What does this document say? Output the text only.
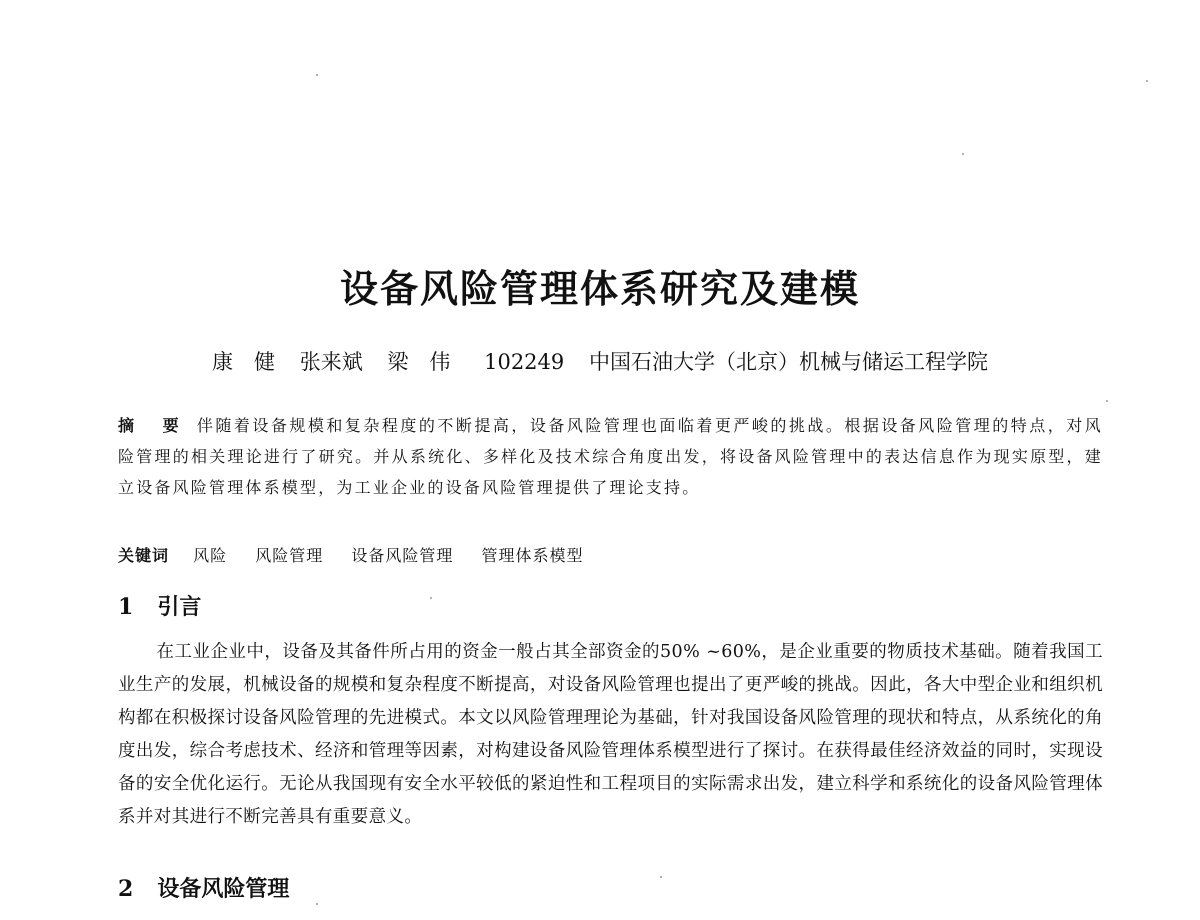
设备风险管理体系研究及建模
康　健 张来斌 梁　伟 102249 中国石油大学（北京）机械与储运工程学院
摘　要 伴随着设备规模和复杂程度的不断提高，设备风险管理也面临着更严峻的挑战。根据设备风险管理的特点，对风险管理的相关理论进行了研究。并从系统化、多样化及技术综合角度出发，将设备风险管理中的表达信息作为现实原型，建立设备风险管理体系模型，为工业企业的设备风险管理提供了理论支持。
关键词 风险 风险管理 设备风险管理 管理体系模型
1 引言

在工业企业中，设备及其备件所占用的资金一般占其全部资金的50% ~60%，是企业重要的物质技术基础。随着我国工业生产的发展，机械设备的规模和复杂程度不断提高，对设备风险管理也提出了更严峻的挑战。因此，各大中型企业和组织机构都在积极探讨设备风险管理的先进模式。本文以风险管理理论为基础，针对我国设备风险管理的现状和特点，从系统化的角度出发，综合考虑技术、经济和管理等因素，对构建设备风险管理体系模型进行了探讨。在获得最佳经济效益的同时，实现设备的安全优化运行。无论从我国现有安全水平较低的紧迫性和工程项目的实际需求出发，建立科学和系统化的设备风险管理体系并对其进行不断完善具有重要意义。

2 设备风险管理
